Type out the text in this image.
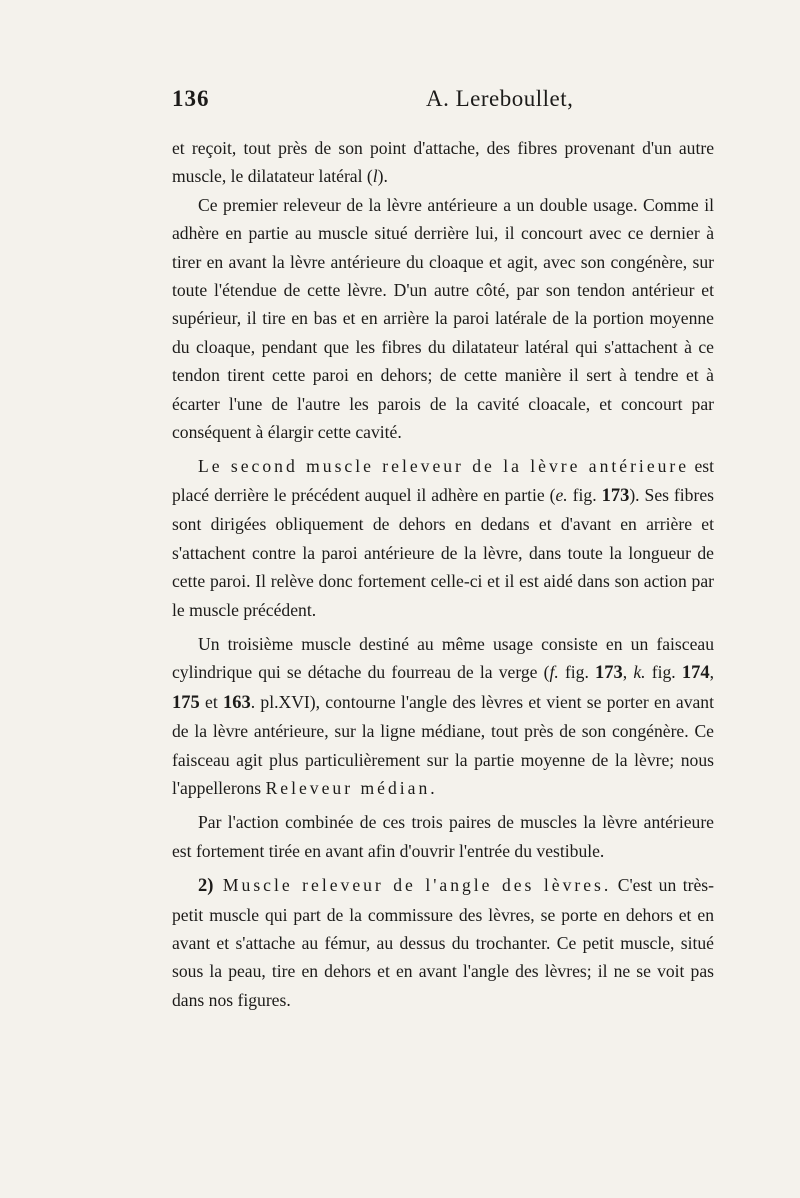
136	A. Lereboullet,

et reçoit, tout près de son point d'attache, des fibres provenant d'un autre muscle, le dilatateur latéral (l).

Ce premier releveur de la lèvre antérieure a un double usage. Comme il adhère en partie au muscle situé derrière lui, il concourt avec ce dernier à tirer en avant la lèvre antérieure du cloaque et agit, avec son congénère, sur toute l'étendue de cette lèvre. D'un autre côté, par son tendon antérieur et supérieur, il tire en bas et en arrière la paroi latérale de la portion moyenne du cloaque, pendant que les fibres du dilatateur latéral qui s'attachent à ce tendon tirent cette paroi en dehors; de cette manière il sert à tendre et à écarter l'une de l'autre les parois de la cavité cloacale, et concourt par conséquent à élargir cette cavité.

Le second muscle releveur de la lèvre antérieure est placé derrière le précédent auquel il adhère en partie (e. fig. 173). Ses fibres sont dirigées obliquement de dehors en dedans et d'avant en arrière et s'attachent contre la paroi antérieure de la lèvre, dans toute la longueur de cette paroi. Il relève donc fortement celle-ci et il est aidé dans son action par le muscle précédent.

Un troisième muscle destiné au même usage consiste en un faisceau cylindrique qui se détache du fourreau de la verge (f. fig. 173, k. fig. 174, 175 et 163. pl.XVI), contourne l'angle des lèvres et vient se porter en avant de la lèvre antérieure, sur la ligne médiane, tout près de son congénère. Ce faisceau agit plus particulièrement sur la partie moyenne de la lèvre; nous l'appellerons Releveur médian.

Par l'action combinée de ces trois paires de muscles la lèvre antérieure est fortement tirée en avant afin d'ouvrir l'entrée du vestibule.

2) Muscle releveur de l'angle des lèvres. C'est un très-petit muscle qui part de la commissure des lèvres, se porte en dehors et en avant et s'attache au fémur, au dessus du trochanter. Ce petit muscle, situé sous la peau, tire en dehors et en avant l'angle des lèvres; il ne se voit pas dans nos figures.
